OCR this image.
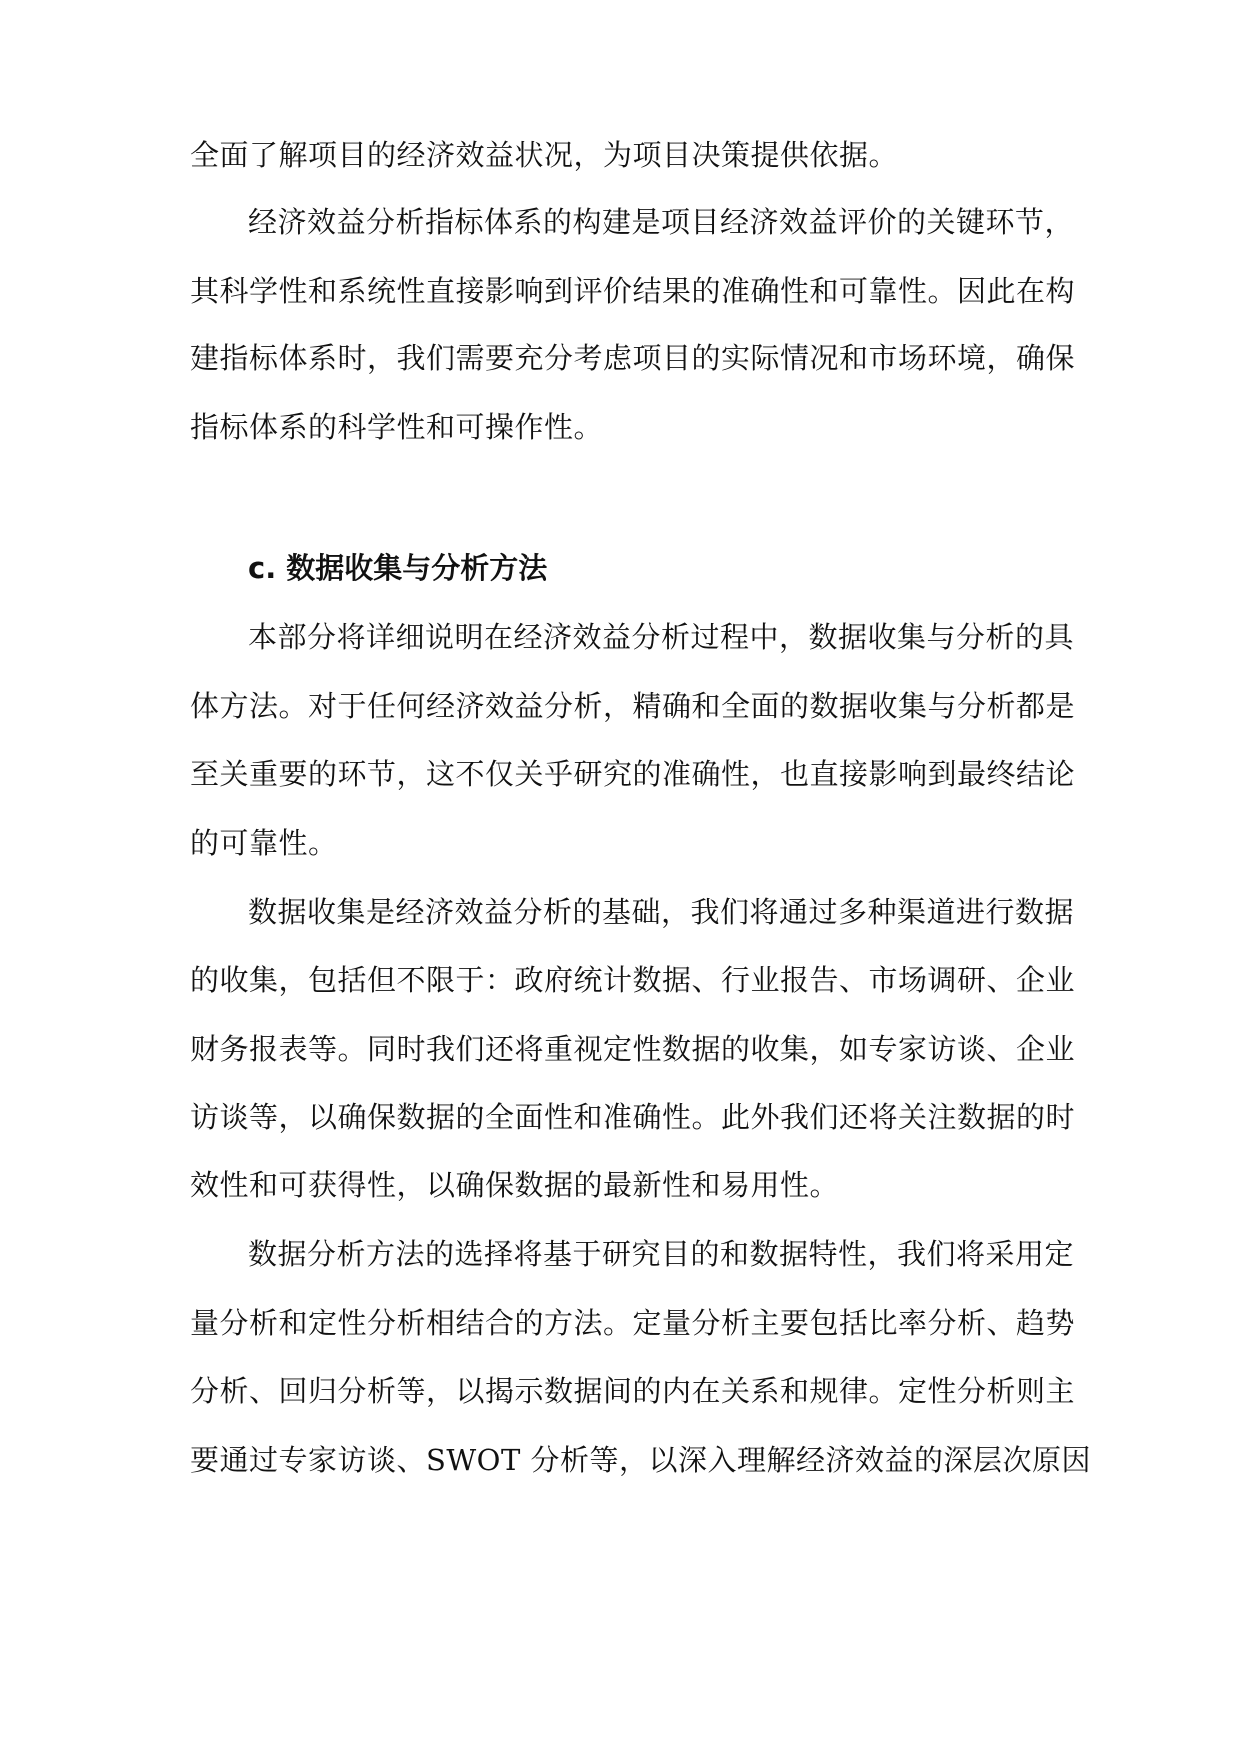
全面了解项目的经济效益状况，为项目决策提供依据。
经济效益分析指标体系的构建是项目经济效益评价的关键环节，
其科学性和系统性直接影响到评价结果的准确性和可靠性。因此在构
建指标体系时，我们需要充分考虑项目的实际情况和市场环境，确保
指标体系的科学性和可操作性。
c. 数据收集与分析方法
本部分将详细说明在经济效益分析过程中，数据收集与分析的具
体方法。对于任何经济效益分析，精确和全面的数据收集与分析都是
至关重要的环节，这不仅关乎研究的准确性，也直接影响到最终结论
的可靠性。
数据收集是经济效益分析的基础，我们将通过多种渠道进行数据
的收集，包括但不限于：政府统计数据、行业报告、市场调研、企业
财务报表等。同时我们还将重视定性数据的收集，如专家访谈、企业
访谈等，以确保数据的全面性和准确性。此外我们还将关注数据的时
效性和可获得性，以确保数据的最新性和易用性。
数据分析方法的选择将基于研究目的和数据特性，我们将采用定
量分析和定性分析相结合的方法。定量分析主要包括比率分析、趋势
分析、回归分析等，以揭示数据间的内在关系和规律。定性分析则主
要通过专家访谈、SWOT 分析等，以深入理解经济效益的深层次原因
